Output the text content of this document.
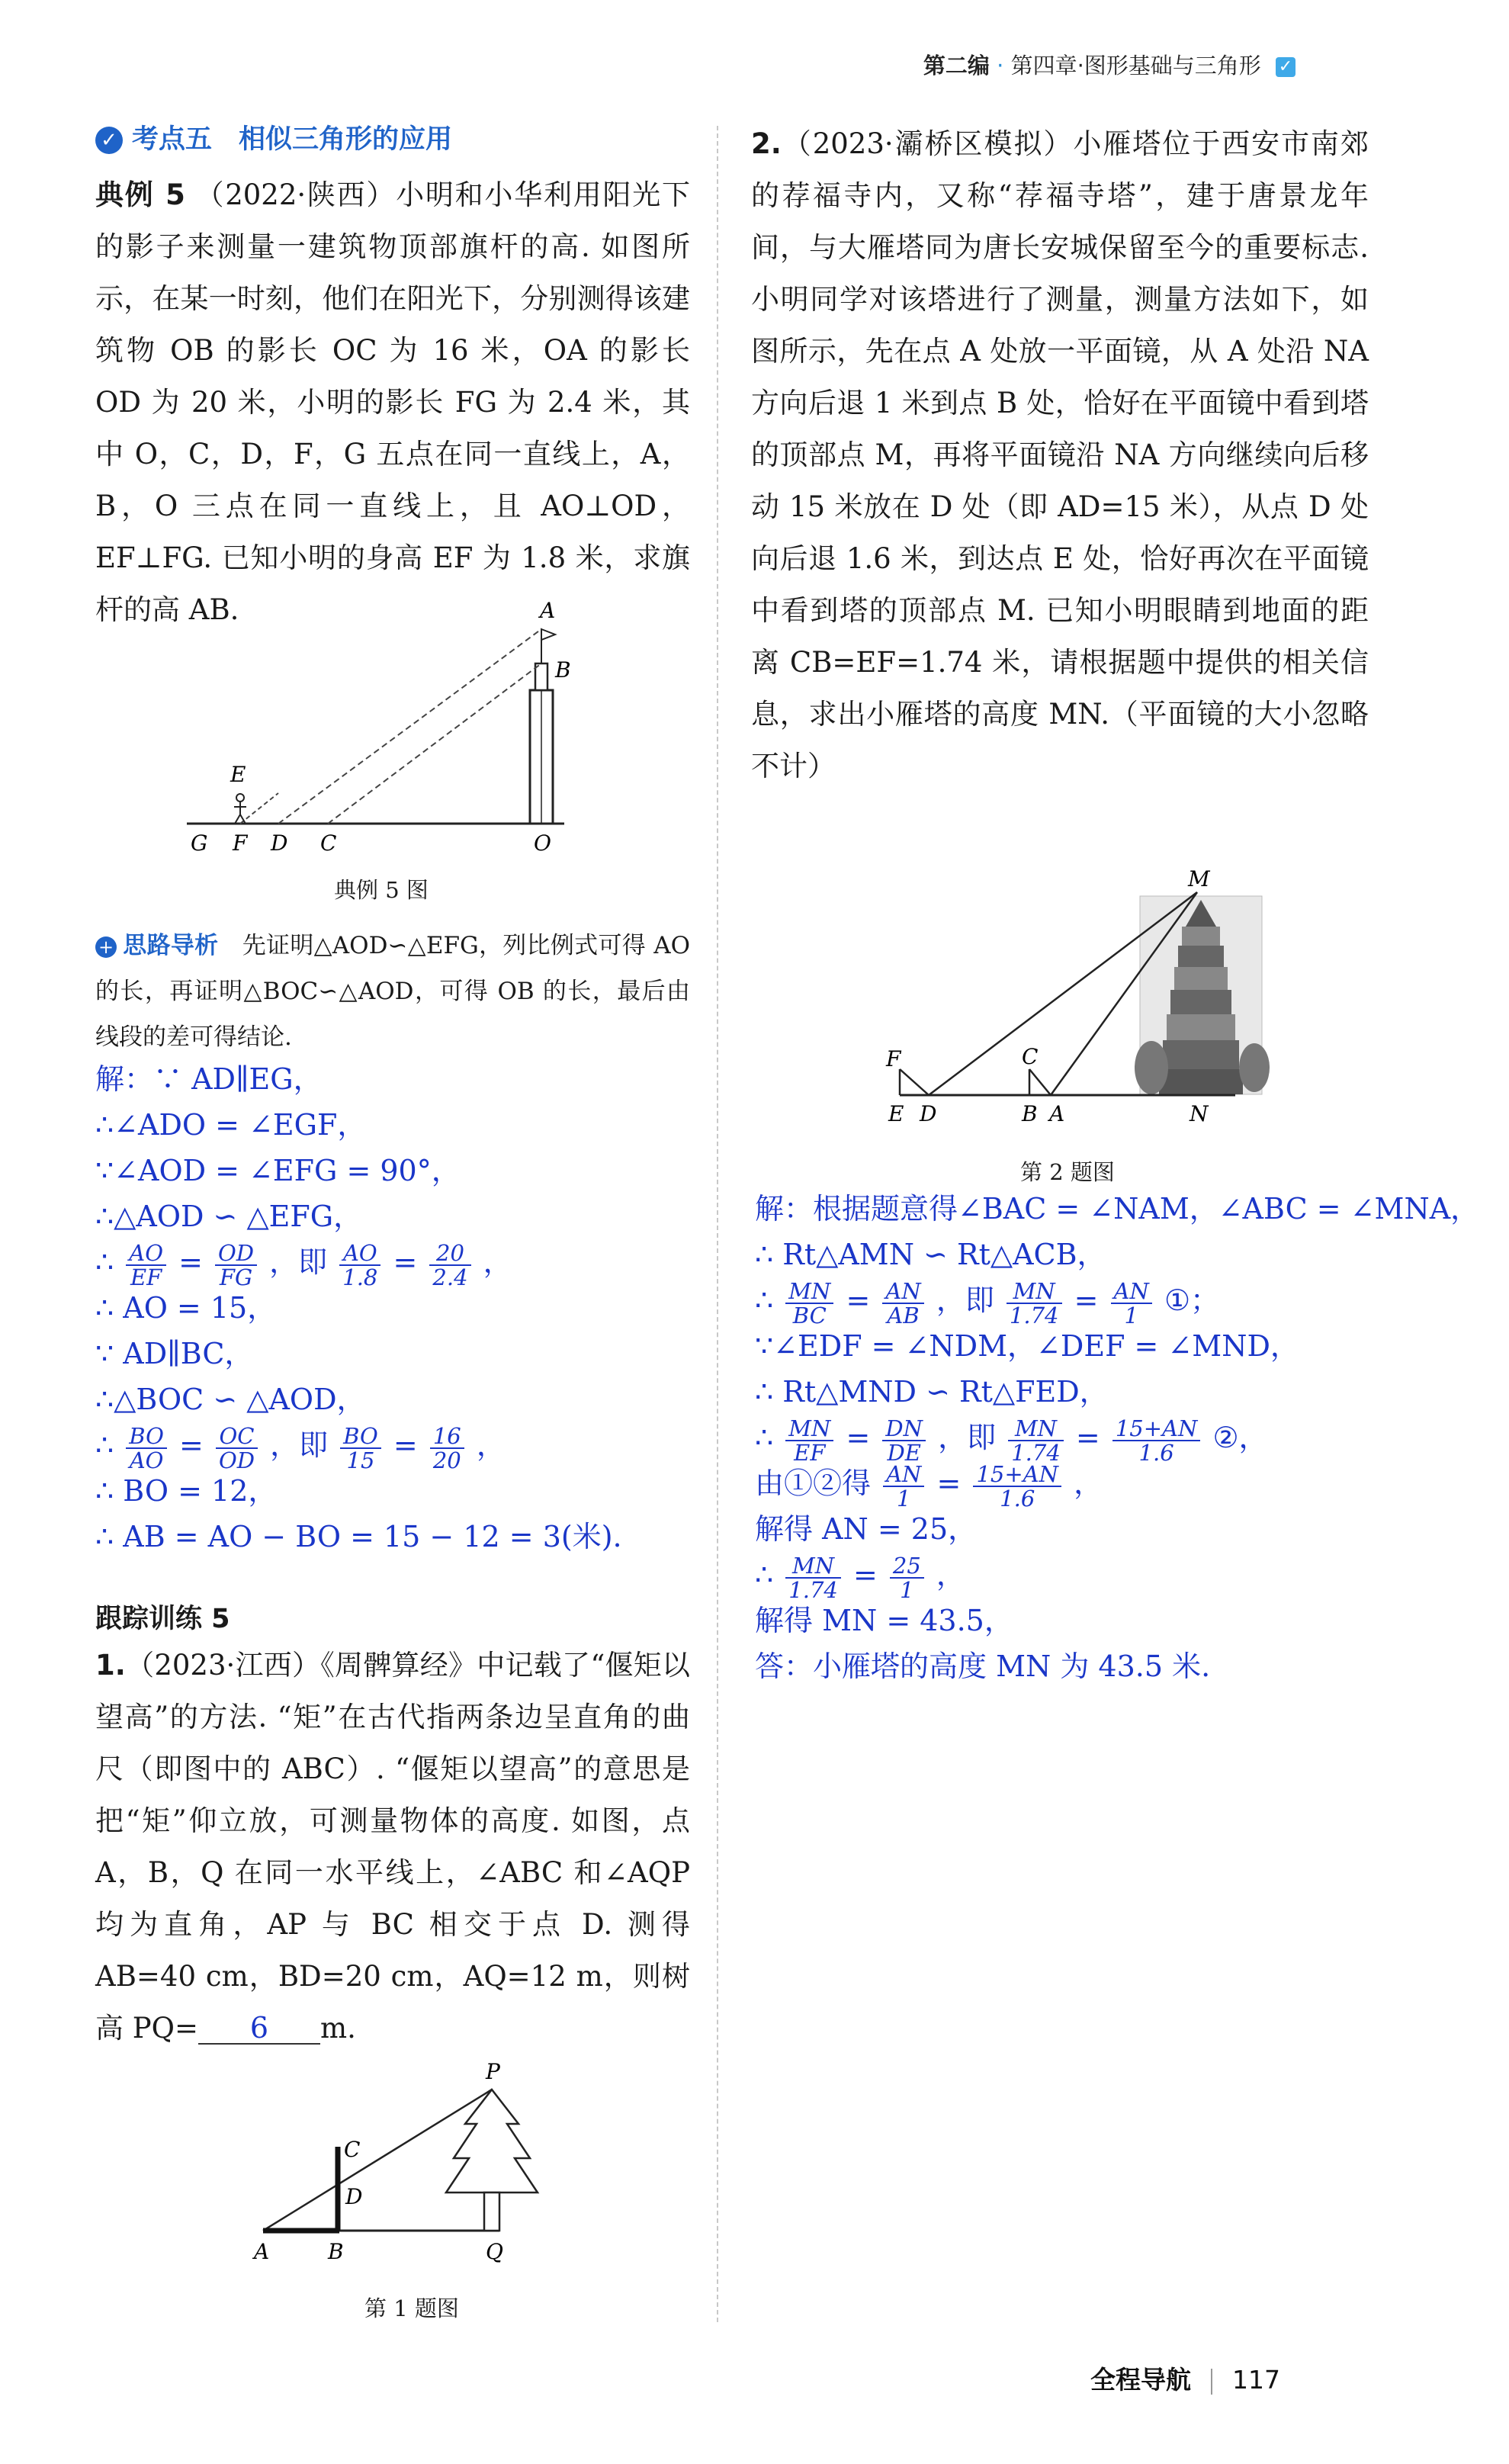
第二编 · 第四章·图形基础与三角形 ✓
✓ 考点五　相似三角形的应用
典例 5 （2022·陕西）小明和小华利用阳光下的影子来测量一建筑物顶部旗杆的高. 如图所示，在某一时刻，他们在阳光下，分别测得该建筑物 OB 的影长 OC 为 16 米，OA 的影长 OD 为 20 米，小明的影长 FG 为 2.4 米，其中 O，C，D，F，G 五点在同一直线上，A，B，O 三点在同一直线上，且 AO⊥OD，EF⊥FG. 已知小明的身高 EF 为 1.8 米，求旗杆的高 AB.	A
B
E
G F D C	O
典例 5 图
+ 思路导析　 先证明△AOD∽△EFG，列比例式可得 AO 的长，再证明△BOC∽△AOD，可得 OB 的长，最后由线段的差可得结论.
解：∵ AD∥EG，
∴∠ADO = ∠EGF，
∵∠AOD = ∠EFG = 90°，
∴△AOD ∽ △EFG，
∴ $\frac{AO}{EF} = \frac{OD}{FG}$ ，即 $\frac{AO}{1.8} = \frac{20}{2.4}$ ，
∴ AO = 15，
∵ AD∥BC，
∴△BOC ∽ △AOD，
∴ $\frac{BO}{AO} = \frac{OC}{OD}$ ，即 $\frac{BO}{15} = \frac{16}{20}$ ，
∴ BO = 12，
∴ AB = AO − BO = 15 − 12 = 3(米).
跟踪训练 5
1.（2023·江西）《周髀算经》中记载了“偃矩以望高”的方法. “矩”在古代指两条边呈直角的曲尺（即图中的 ABC）. “偃矩以望高”的意思是把“矩”仰立放，可测量物体的高度. 如图，点 A，B，Q 在同一水平线上，∠ABC 和∠AQP 均为直角，AP 与 BC 相交于点 D. 测得 AB=40 cm，BD=20 cm，AQ=12 m，则树高 PQ= 6 m.
P
C
D
A	B	Q
第 1 题图
2.（2023·灞桥区模拟）小雁塔位于西安市南郊的荐福寺内，又称“荐福寺塔”，建于唐景龙年间，与大雁塔同为唐长安城保留至今的重要标志. 小明同学对该塔进行了测量，测量方法如下，如图所示，先在点 A 处放一平面镜，从 A 处沿 NA 方向后退 1 米到点 B 处，恰好在平面镜中看到塔的顶部点 M，再将平面镜沿 NA 方向继续向后移动 15 米放在 D 处（即 AD=15 米），从点 D 处向后退 1.6 米，到达点 E 处，恰好再次在平面镜中看到塔的顶部点 M. 已知小明眼睛到地面的距离 CB=EF=1.74 米，请根据题中提供的相关信息，求出小雁塔的高度 MN.（平面镜的大小忽略不计）
M
F	C
E D	B A	N
第 2 题图
解：根据题意得∠BAC = ∠NAM，∠ABC = ∠MNA，
∴ Rt△AMN ∽ Rt△ACB，
∴ $\frac{MN}{BC} = \frac{AN}{AB}$ ，即 $\frac{MN}{1.74} = \frac{AN}{1}$ ①；
∵∠EDF = ∠NDM，∠DEF = ∠MND，
∴ Rt△MND ∽ Rt△FED，
∴ $\frac{MN}{EF} = \frac{DN}{DE}$ ，即 $\frac{MN}{1.74} = \frac{15+AN}{1.6}$ ②，
由①②得 $\frac{AN}{1} = \frac{15+AN}{1.6}$ ，
解得 AN = 25，
∴ $\frac{MN}{1.74} = \frac{25}{1}$ ，
解得 MN = 43.5，
答：小雁塔的高度 MN 为 43.5 米.
全程导航 117
